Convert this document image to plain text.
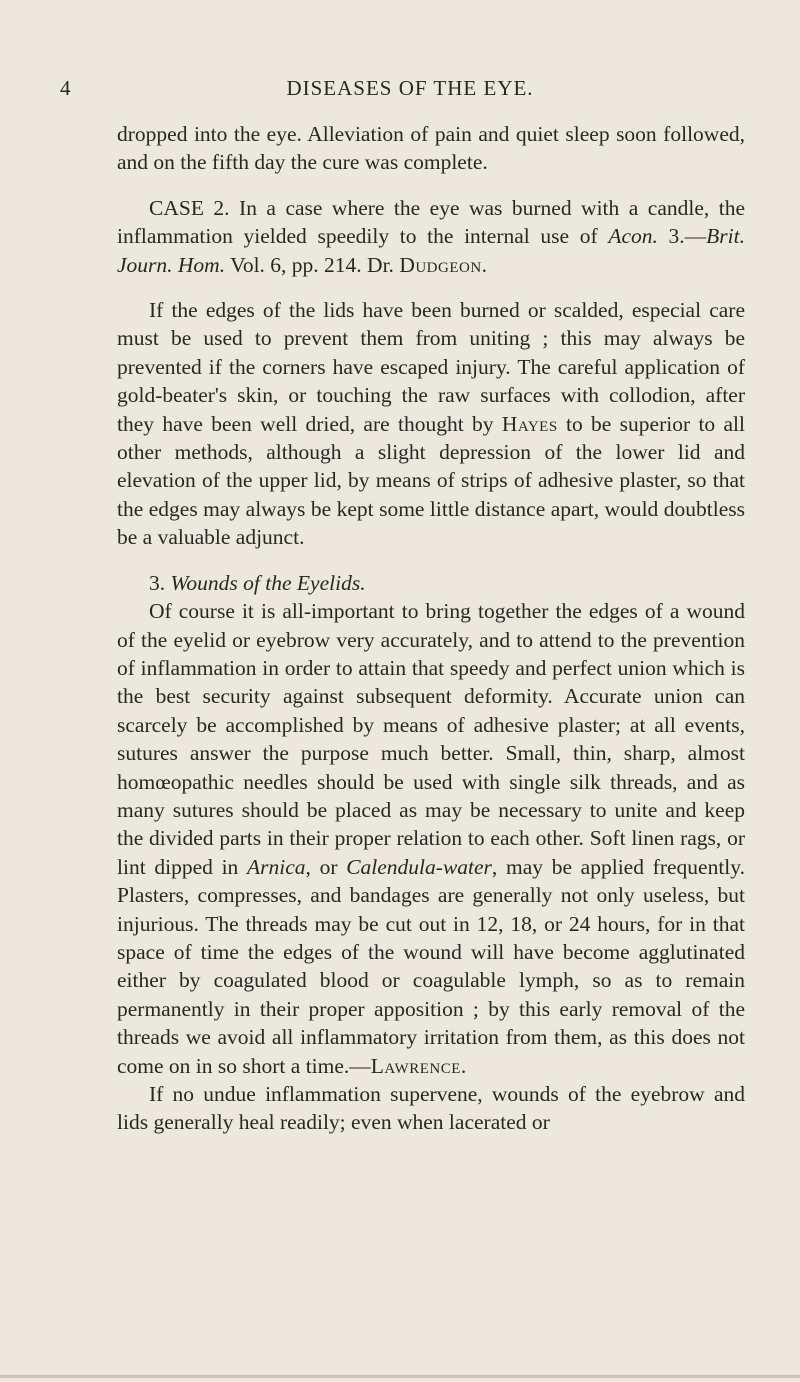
4	DISEASES OF THE EYE.

dropped into the eye. Alleviation of pain and quiet sleep soon followed, and on the fifth day the cure was complete.

CASE 2. In a case where the eye was burned with a candle, the inflammation yielded speedily to the internal use of Acon. 3.—Brit. Journ. Hom. Vol. 6, pp. 214. Dr. Dudgeon.

If the edges of the lids have been burned or scalded, especial care must be used to prevent them from uniting ; this may always be prevented if the corners have escaped injury. The careful application of gold-beater's skin, or touching the raw surfaces with collodion, after they have been well dried, are thought by Hayes to be superior to all other methods, although a slight depression of the lower lid and elevation of the upper lid, by means of strips of adhesive plaster, so that the edges may always be kept some little distance apart, would doubtless be a valuable adjunct.

3. Wounds of the Eyelids.

Of course it is all-important to bring together the edges of a wound of the eyelid or eyebrow very accurately, and to attend to the prevention of inflammation in order to attain that speedy and perfect union which is the best security against subsequent deformity. Accurate union can scarcely be accomplished by means of adhesive plaster; at all events, sutures answer the purpose much better. Small, thin, sharp, almost homœopathic needles should be used with single silk threads, and as many sutures should be placed as may be necessary to unite and keep the divided parts in their proper relation to each other. Soft linen rags, or lint dipped in Arnica, or Calendula-water, may be applied frequently. Plasters, compresses, and bandages are generally not only useless, but injurious. The threads may be cut out in 12, 18, or 24 hours, for in that space of time the edges of the wound will have become agglutinated either by coagulated blood or coagulable lymph, so as to remain permanently in their proper apposition ; by this early removal of the threads we avoid all inflammatory irritation from them, as this does not come on in so short a time.—Lawrence.

If no undue inflammation supervene, wounds of the eyebrow and lids generally heal readily; even when lacerated or
